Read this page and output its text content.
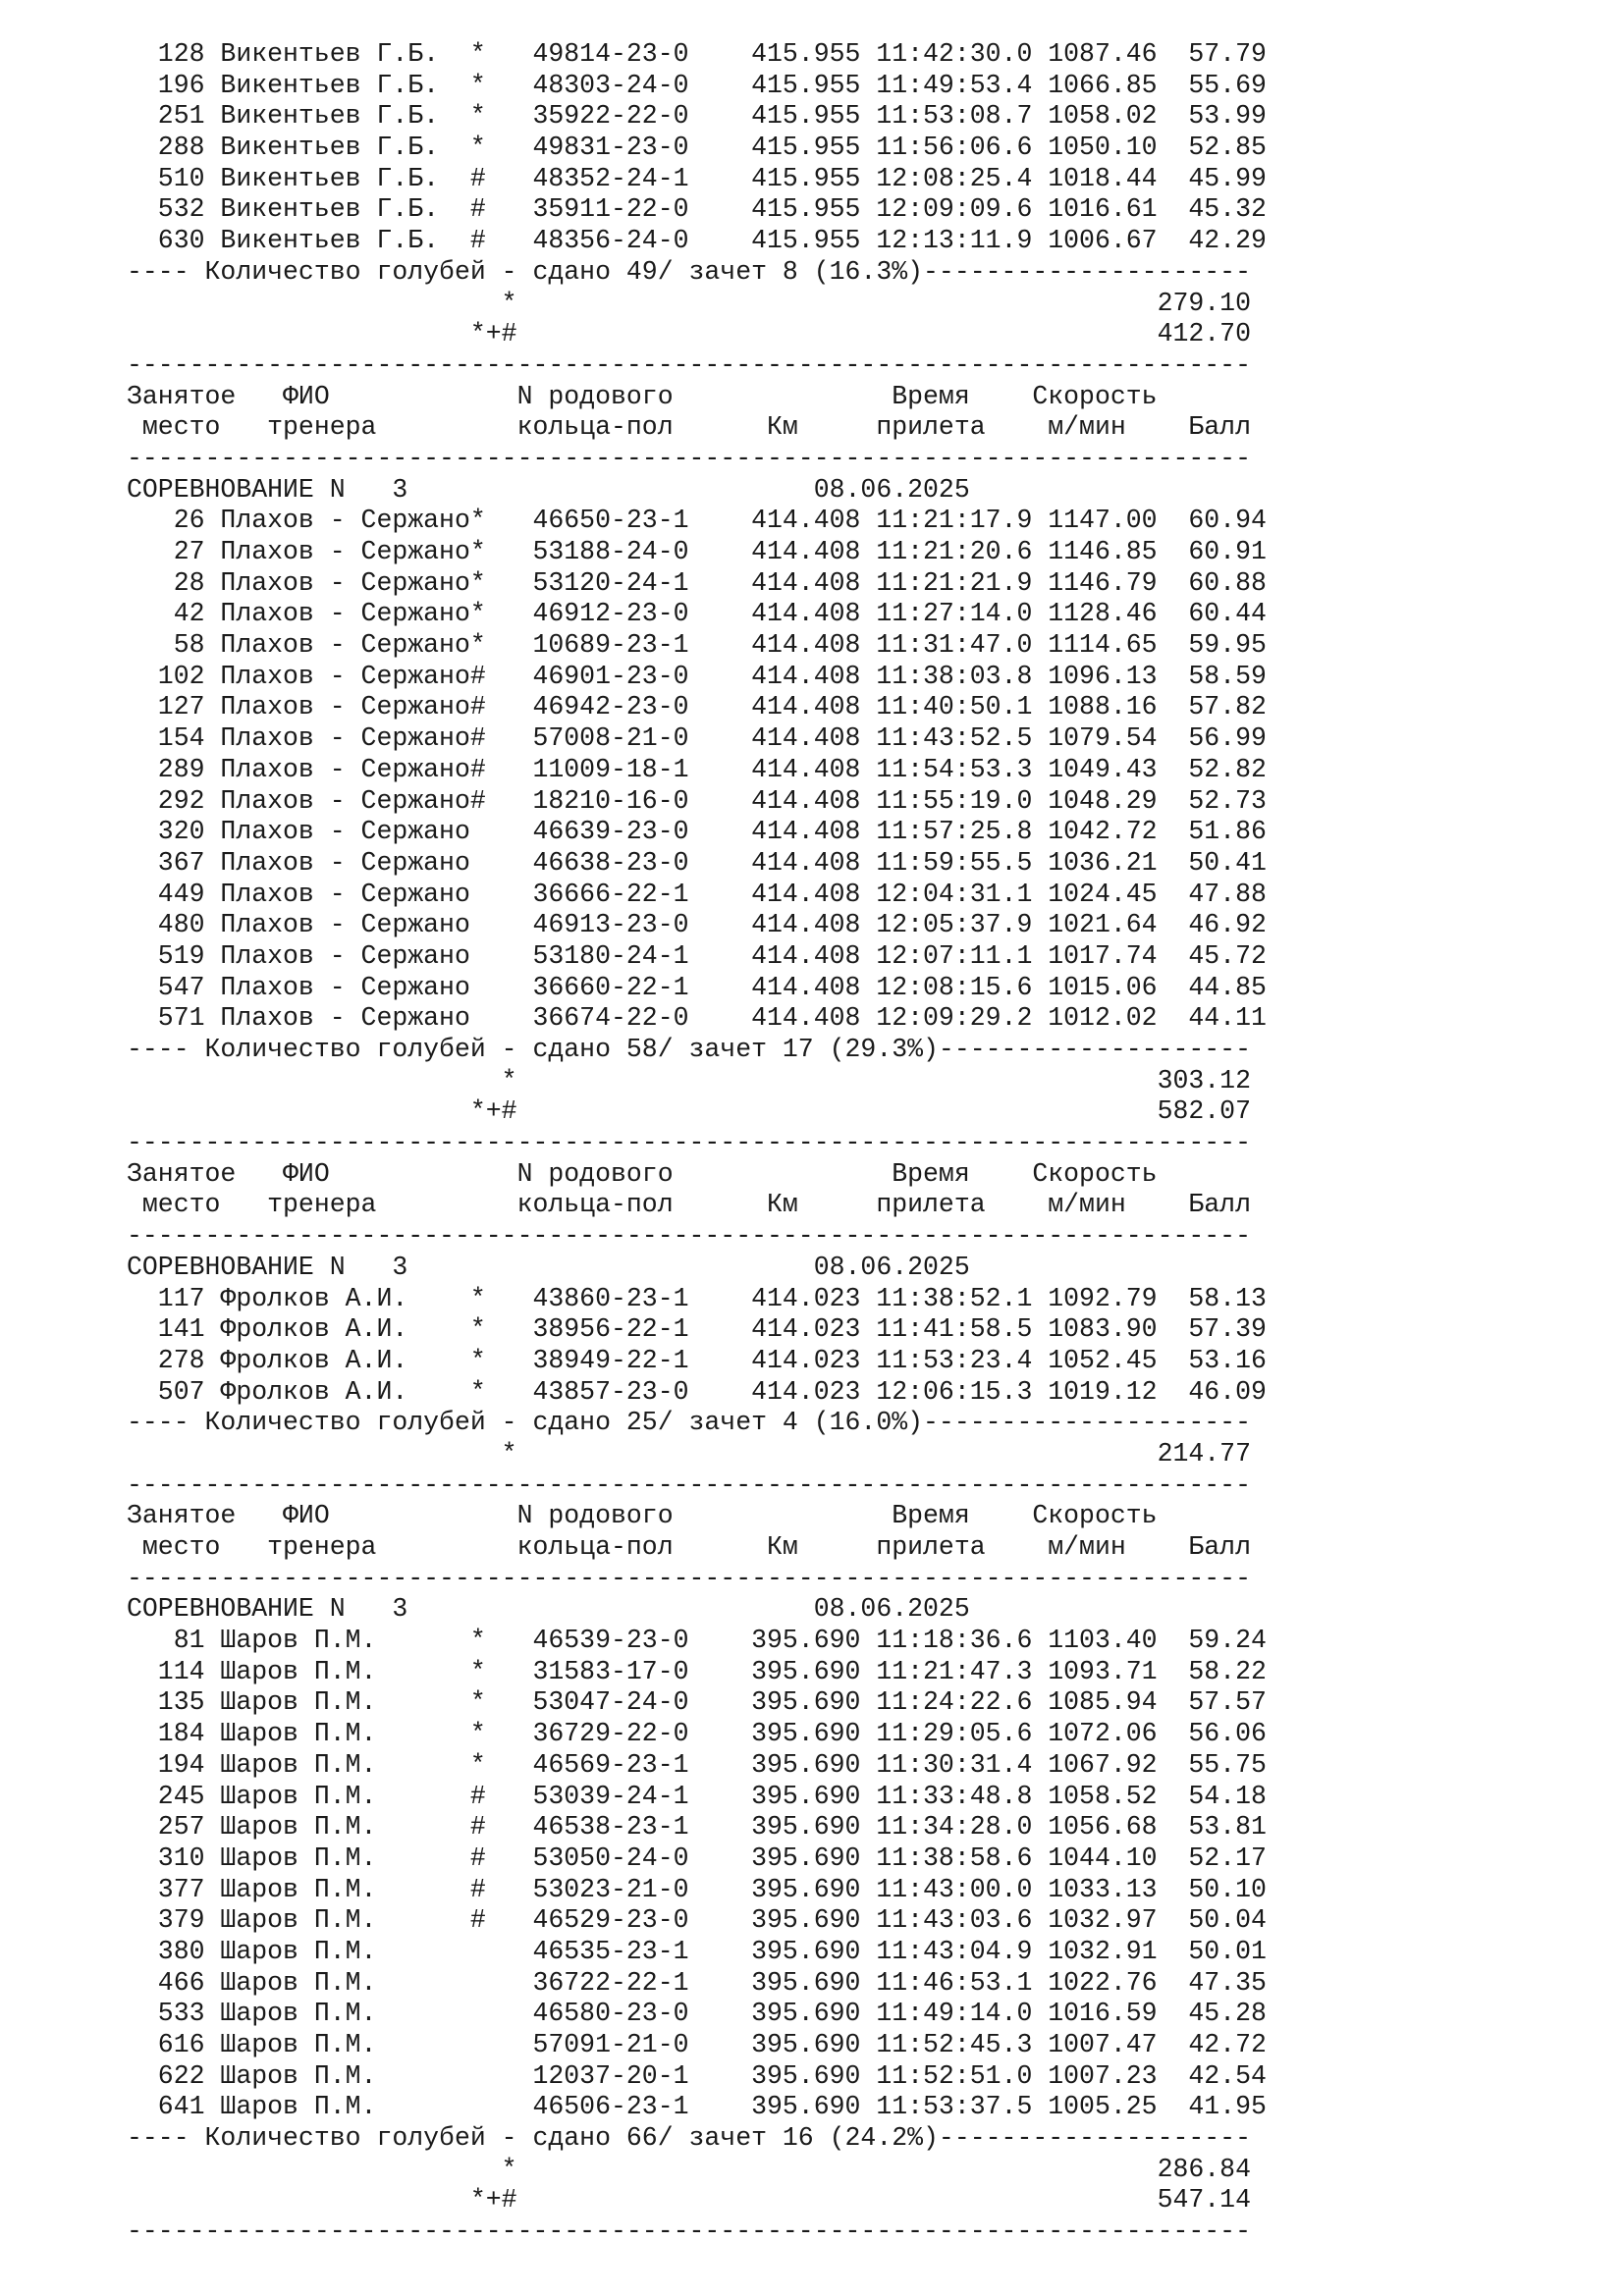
128 Викентьев Г.Б.  *   49814-23-0    415.955 11:42:30.0 1087.46  57.79
196 Викентьев Г.Б.  *   48303-24-0    415.955 11:49:53.4 1066.85  55.69
251 Викентьев Г.Б.  *   35922-22-0    415.955 11:53:08.7 1058.02  53.99
288 Викентьев Г.Б.  *   49831-23-0    415.955 11:56:06.6 1050.10  52.85
510 Викентьев Г.Б.  #   48352-24-1    415.955 12:08:25.4 1018.44  45.99
532 Викентьев Г.Б.  #   35911-22-0    415.955 12:09:09.6 1016.61  45.32
630 Викентьев Г.Б.  #   48356-24-0    415.955 12:13:11.9 1006.67  42.29
---- Количество голубей - сдано 49/ зачет 8 (16.3%)---------------------
*                                         279.10
*+#                                         412.70
------------------------------------------------------------------------
Занятое   ФИО            N родового              Время    Скорость
место   тренера         кольца-пол      Км     прилета    м/мин    Балл
------------------------------------------------------------------------
СОРЕВНОВАНИЕ N   3                          08.06.2025
26 Плахов - Сержано*   46650-23-1    414.408 11:21:17.9 1147.00  60.94
27 Плахов - Сержано*   53188-24-0    414.408 11:21:20.6 1146.85  60.91
28 Плахов - Сержано*   53120-24-1    414.408 11:21:21.9 1146.79  60.88
42 Плахов - Сержано*   46912-23-0    414.408 11:27:14.0 1128.46  60.44
58 Плахов - Сержано*   10689-23-1    414.408 11:31:47.0 1114.65  59.95
102 Плахов - Сержано#   46901-23-0    414.408 11:38:03.8 1096.13  58.59
127 Плахов - Сержано#   46942-23-0    414.408 11:40:50.1 1088.16  57.82
154 Плахов - Сержано#   57008-21-0    414.408 11:43:52.5 1079.54  56.99
289 Плахов - Сержано#   11009-18-1    414.408 11:54:53.3 1049.43  52.82
292 Плахов - Сержано#   18210-16-0    414.408 11:55:19.0 1048.29  52.73
320 Плахов - Сержано    46639-23-0    414.408 11:57:25.8 1042.72  51.86
367 Плахов - Сержано    46638-23-0    414.408 11:59:55.5 1036.21  50.41
449 Плахов - Сержано    36666-22-1    414.408 12:04:31.1 1024.45  47.88
480 Плахов - Сержано    46913-23-0    414.408 12:05:37.9 1021.64  46.92
519 Плахов - Сержано    53180-24-1    414.408 12:07:11.1 1017.74  45.72
547 Плахов - Сержано    36660-22-1    414.408 12:08:15.6 1015.06  44.85
571 Плахов - Сержано    36674-22-0    414.408 12:09:29.2 1012.02  44.11
---- Количество голубей - сдано 58/ зачет 17 (29.3%)--------------------
*                                         303.12
*+#                                         582.07
------------------------------------------------------------------------
Занятое   ФИО            N родового              Время    Скорость
место   тренера         кольца-пол      Км     прилета    м/мин    Балл
------------------------------------------------------------------------
СОРЕВНОВАНИЕ N   3                          08.06.2025
117 Фролков А.И.    *   43860-23-1    414.023 11:38:52.1 1092.79  58.13
141 Фролков А.И.    *   38956-22-1    414.023 11:41:58.5 1083.90  57.39
278 Фролков А.И.    *   38949-22-1    414.023 11:53:23.4 1052.45  53.16
507 Фролков А.И.    *   43857-23-0    414.023 12:06:15.3 1019.12  46.09
---- Количество голубей - сдано 25/ зачет 4 (16.0%)---------------------
*                                         214.77
------------------------------------------------------------------------
Занятое   ФИО            N родового              Время    Скорость
место   тренера         кольца-пол      Км     прилета    м/мин    Балл
------------------------------------------------------------------------
СОРЕВНОВАНИЕ N   3                          08.06.2025
81 Шаров П.М.      *   46539-23-0    395.690 11:18:36.6 1103.40  59.24
114 Шаров П.М.      *   31583-17-0    395.690 11:21:47.3 1093.71  58.22
135 Шаров П.М.      *   53047-24-0    395.690 11:24:22.6 1085.94  57.57
184 Шаров П.М.      *   36729-22-0    395.690 11:29:05.6 1072.06  56.06
194 Шаров П.М.      *   46569-23-1    395.690 11:30:31.4 1067.92  55.75
245 Шаров П.М.      #   53039-24-1    395.690 11:33:48.8 1058.52  54.18
257 Шаров П.М.      #   46538-23-1    395.690 11:34:28.0 1056.68  53.81
310 Шаров П.М.      #   53050-24-0    395.690 11:38:58.6 1044.10  52.17
377 Шаров П.М.      #   53023-21-0    395.690 11:43:00.0 1033.13  50.10
379 Шаров П.М.      #   46529-23-0    395.690 11:43:03.6 1032.97  50.04
380 Шаров П.М.          46535-23-1    395.690 11:43:04.9 1032.91  50.01
466 Шаров П.М.          36722-22-1    395.690 11:46:53.1 1022.76  47.35
533 Шаров П.М.          46580-23-0    395.690 11:49:14.0 1016.59  45.28
616 Шаров П.М.          57091-21-0    395.690 11:52:45.3 1007.47  42.72
622 Шаров П.М.          12037-20-1    395.690 11:52:51.0 1007.23  42.54
641 Шаров П.М.          46506-23-1    395.690 11:53:37.5 1005.25  41.95
---- Количество голубей - сдано 66/ зачет 16 (24.2%)--------------------
*                                         286.84
*+#                                         547.14
------------------------------------------------------------------------
